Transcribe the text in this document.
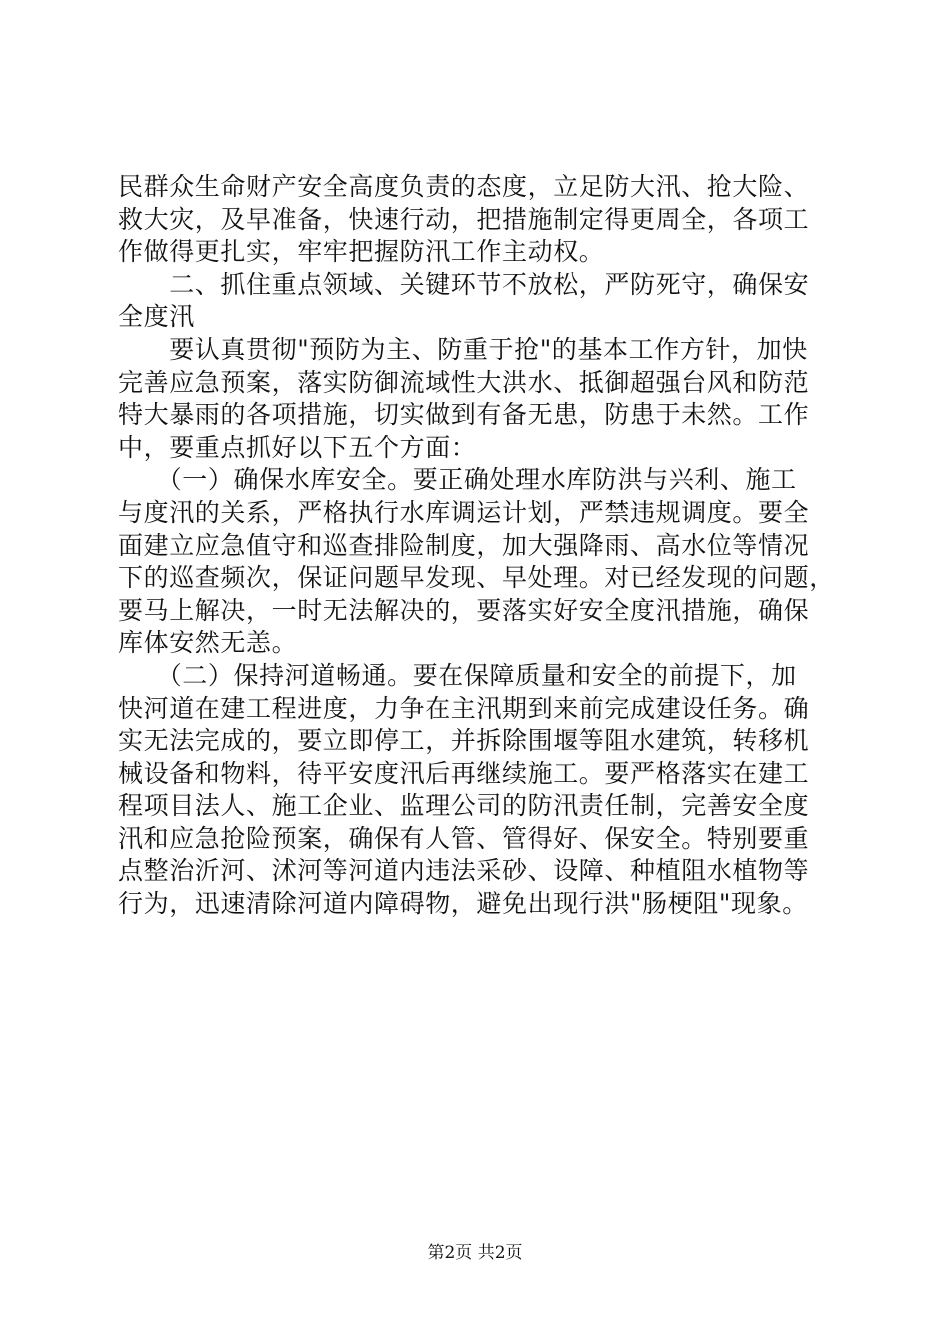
民群众生命财产安全高度负责的态度，立足防大汛、抢大险、
救大灾，及早准备，快速行动，把措施制定得更周全，各项工
作做得更扎实，牢牢把握防汛工作主动权。
　　二、抓住重点领域、关键环节不放松，严防死守，确保安
全度汛
　　要认真贯彻"预防为主、防重于抢"的基本工作方针，加快
完善应急预案，落实防御流域性大洪水、抵御超强台风和防范
特大暴雨的各项措施，切实做到有备无患，防患于未然。工作
中，要重点抓好以下五个方面：
　　（一）确保水库安全。要正确处理水库防洪与兴利、施工
与度汛的关系，严格执行水库调运计划，严禁违规调度。要全
面建立应急值守和巡查排险制度，加大强降雨、高水位等情况
下的巡查频次，保证问题早发现、早处理。对已经发现的问题，
要马上解决，一时无法解决的，要落实好安全度汛措施，确保
库体安然无恙。
　　（二）保持河道畅通。要在保障质量和安全的前提下，加
快河道在建工程进度，力争在主汛期到来前完成建设任务。确
实无法完成的，要立即停工，并拆除围堰等阻水建筑，转移机
械设备和物料，待平安度汛后再继续施工。要严格落实在建工
程项目法人、施工企业、监理公司的防汛责任制，完善安全度
汛和应急抢险预案，确保有人管、管得好、保安全。特别要重
点整治沂河、沭河等河道内违法采砂、设障、种植阻水植物等
行为，迅速清除河道内障碍物，避免出现行洪"肠梗阻"现象。
第2页 共2页
